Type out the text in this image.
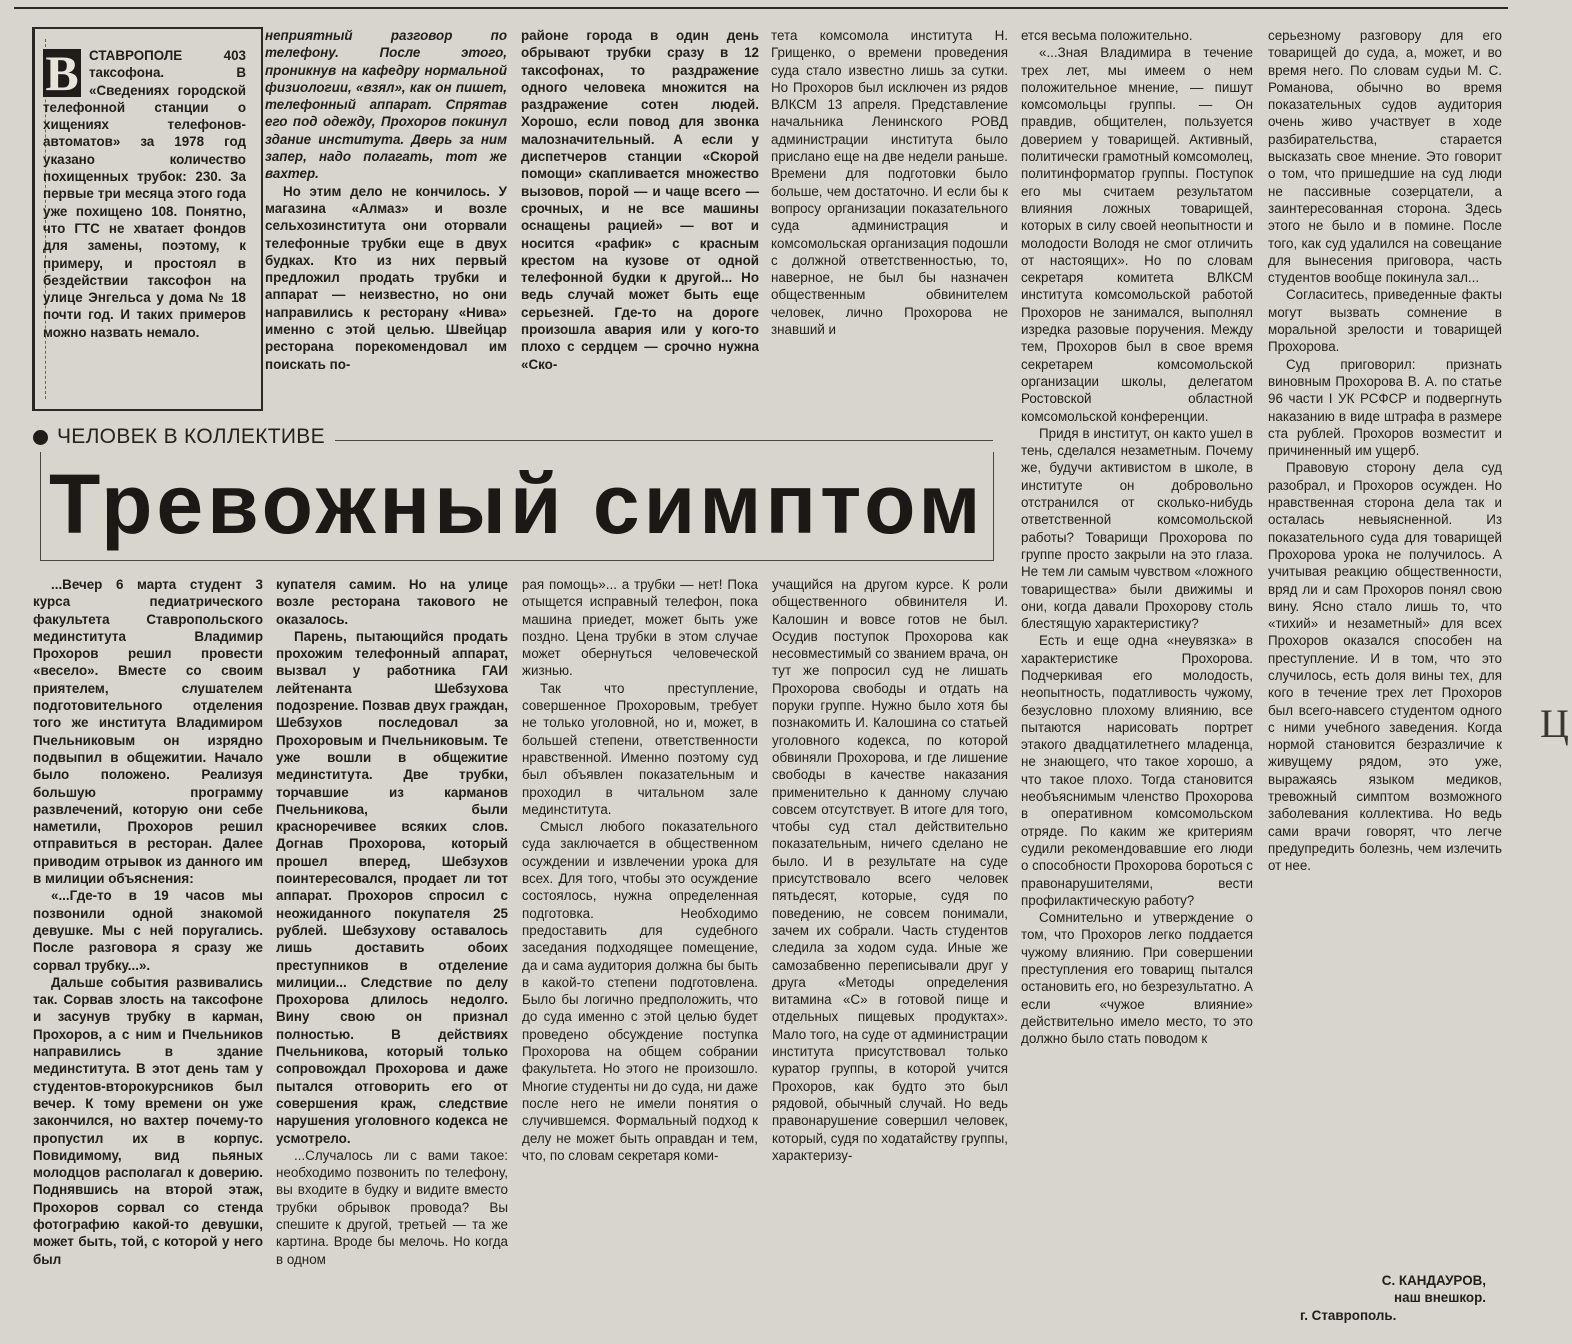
В СТАВРОПОЛЕ 403 таксофона. В «Сведениях городской телефонной станции о хищениях телефонов-автоматов» за 1978 год указано количество похищенных трубок: 230. За первые три месяца этого года уже похищено 108. Понятно, что ГТС не хватает фондов для замены, поэтому, к примеру, и простоял в бездействии таксофон на улице Энгельса у дома № 18 почти год. И таких примеров можно назвать немало.

неприятный разговор по телефону. После этого, проникнув на кафедру нормальной физиологии, «взял», как он пишет, телефонный аппарат. Спрятав его под одежду, Прохоров покинул здание института. Дверь за ним запер, надо полагать, тот же вахтер.

Но этим дело не кончилось. У магазина «Алмаз» и возле сельхозинститута они оторвали телефонные трубки еще в двух будках. Кто из них первый предложил продать трубки и аппарат — неизвестно, но они направились к ресторану «Нива» именно с этой целью. Швейцар ресторана порекомендовал им поискать по-

районе города в один день обрывают трубки сразу в 12 таксофонах, то раздражение одного человека множится на раздражение сотен людей. Хорошо, если повод для звонка малозначительный. А если у диспетчеров станции «Скорой помощи» скапливается множество вызовов, порой — и чаще всего — срочных, и не все машины оснащены рацией» — вот и носится «рафик» с красным крестом на кузове от одной телефонной будки к другой... Но ведь случай может быть еще серьезней. Где-то на дороге произошла авария или у кого-то плохо с сердцем — срочно нужна «Ско-

тета комсомола института Н. Грищенко, о времени проведения суда стало известно лишь за сутки. Но Прохоров был исключен из рядов ВЛКСМ 13 апреля. Представление начальника Ленинского РОВД администрации института было прислано еще на две недели раньше. Времени для подготовки было больше, чем достаточно. И если бы к вопросу организации показательного суда администрация и комсомольская организация подошли с должной ответственностью, то, наверное, не был бы назначен общественным обвинителем человек, лично Прохорова не знавший и

ЧЕЛОВЕК В КОЛЛЕКТИВЕ
Тревожный симптом

...Вечер 6 марта студент 3 курса педиатрического факультета Ставропольского мединститута Владимир Прохоров решил провести «весело». Вместе со своим приятелем, слушателем подготовительного отделения того же института Владимиром Пчельниковым он изрядно подвыпил в общежитии. Начало было положено. Реализуя большую программу развлечений, которую они себе наметили, Прохоров решил отправиться в ресторан. Далее приводим отрывок из данного им в милиции объяснения:

«...Где-то в 19 часов мы позвонили одной знакомой девушке. Мы с ней поругались. После разговора я сразу же сорвал трубку...».

Дальше события развивались так. Сорвав злость на таксофоне и засунув трубку в карман, Прохоров, а с ним и Пчельников направились в здание мединститута. В этот день там у студентов-второкурсников был вечер. К тому времени он уже закончился, но вахтер почему-то пропустил их в корпус. Повидимому, вид пьяных молодцов располагал к доверию. Поднявшись на второй этаж, Прохоров сорвал со стенда фотографию какой-то девушки, может быть, той, с которой у него был

купателя самим. Но на улице возле ресторана такового не оказалось.

Парень, пытающийся продать прохожим телефонный аппарат, вызвал у работника ГАИ лейтенанта Шебзухова подозрение. Позвав двух граждан, Шебзухов последовал за Прохоровым и Пчельниковым. Те уже вошли в общежитие мединститута. Две трубки, торчавшие из карманов Пчельникова, были красноречивее всяких слов. Догнав Прохорова, который прошел вперед, Шебзухов поинтересовался, продает ли тот аппарат. Прохоров спросил с неожиданного покупателя 25 рублей. Шебзухову оставалось лишь доставить обоих преступников в отделение милиции... Следствие по делу Прохорова длилось недолго. Вину свою он признал полностью. В действиях Пчельникова, который только сопровождал Прохорова и даже пытался отговорить его от совершения краж, следствие нарушения уголовного кодекса не усмотрело.

...Случалось ли с вами такое: необходимо позвонить по телефону, вы входите в будку и видите вместо трубки обрывок провода? Вы спешите к другой, третьей — та же картина. Вроде бы мелочь. Но когда в одном

рая помощь»... а трубки — нет! Пока отыщется исправный телефон, пока машина приедет, может быть уже поздно. Цена трубки в этом случае может обернуться человеческой жизнью.

Так что преступление, совершенное Прохоровым, требует не только уголовной, но и, может, в большей степени, ответственности нравственной. Именно поэтому суд был объявлен показательным и проходил в читальном зале мединститута.

Смысл любого показательного суда заключается в общественном осуждении и извлечении урока для всех. Для того, чтобы это осуждение состоялось, нужна определенная подготовка. Необходимо предоставить для судебного заседания подходящее помещение, да и сама аудитория должна бы быть в какой-то степени подготовлена. Было бы логично предположить, что до суда именно с этой целью будет проведено обсуждение поступка Прохорова на общем собрании факультета. Но этого не произошло. Многие студенты ни до суда, ни даже после него не имели понятия о случившемся. Формальный подход к делу не может быть оправдан и тем, что, по словам секретаря коми-

учащийся на другом курсе. К роли общественного обвинителя И. Калошин и вовсе готов не был. Осудив поступок Прохорова как несовместимый со званием врача, он тут же попросил суд не лишать Прохорова свободы и отдать на поруки группе. Нужно было хотя бы познакомить И. Калошина со статьей уголовного кодекса, по которой обвиняли Прохорова, и где лишение свободы в качестве наказания применительно к данному случаю совсем отсутствует. В итоге для того, чтобы суд стал действительно показательным, ничего сделано не было. И в результате на суде присутствовало всего человек пятьдесят, которые, судя по поведению, не совсем понимали, зачем их собрали. Часть студентов следила за ходом суда. Иные же самозабвенно переписывали друг у друга «Методы определения витамина «С» в готовой пище и отдельных пищевых продуктах». Мало того, на суде от администрации института присутствовал только куратор группы, в которой учится Прохоров, как будто это был рядовой, обычный случай. Но ведь правонарушение совершил человек, который, судя по ходатайству группы, характеризу-

ется весьма положительно.

«...Зная Владимира в течение трех лет, мы имеем о нем положительное мнение, — пишут комсомольцы группы. — Он правдив, общителен, пользуется доверием у товарищей. Активный, политически грамотный комсомолец, политинформатор группы. Поступок его мы считаем результатом влияния ложных товарищей, которых в силу своей неопытности и молодости Володя не смог отличить от настоящих». Но по словам секретаря комитета ВЛКСМ института комсомольской работой Прохоров не занимался, выполнял изредка разовые поручения. Между тем, Прохоров был в свое время секретарем комсомольской организации школы, делегатом Ростовской областной комсомольской конференции.

Придя в институт, он както ушел в тень, сделался незаметным. Почему же, будучи активистом в школе, в институте он добровольно отстранился от сколько-нибудь ответственной комсомольской работы? Товарищи Прохорова по группе просто закрыли на это глаза. Не тем ли самым чувством «ложного товарищества» были движимы и они, когда давали Прохорову столь блестящую характеристику?

Есть и еще одна «неувязка» в характеристике Прохорова. Подчеркивая его молодость, неопытность, податливость чужому, безусловно плохому влиянию, все пытаются нарисовать портрет этакого двадцатилетнего младенца, не знающего, что такое хорошо, а что такое плохо. Тогда становится необъяснимым членство Прохорова в оперативном комсомольском отряде. По каким же критериям судили рекомендовавшие его люди о способности Прохорова бороться с правонарушителями, вести профилактическую работу?

Сомнительно и утверждение о том, что Прохоров легко поддается чужому влиянию. При совершении преступления его товарищ пытался остановить его, но безрезультатно. А если «чужое влияние» действительно имело место, то это должно было стать поводом к

серьезному разговору для его товарищей до суда, а, может, и во время него. По словам судьи М. С. Романова, обычно во время показательных судов аудитория очень живо участвует в ходе разбирательства, старается высказать свое мнение. Это говорит о том, что пришедшие на суд люди не пассивные созерцатели, а заинтересованная сторона. Здесь этого не было и в помине. После того, как суд удалился на совещание для вынесения приговора, часть студентов вообще покинула зал...

Согласитесь, приведенные факты могут вызвать сомнение в моральной зрелости и товарищей Прохорова.

Суд приговорил: признать виновным Прохорова В. А. по статье 96 части I УК РСФСР и подвергнуть наказанию в виде штрафа в размере ста рублей. Прохоров возместит и причиненный им ущерб.

Правовую сторону дела суд разобрал, и Прохоров осужден. Но нравственная сторона дела так и осталась невыясненной. Из показательного суда для товарищей Прохорова урока не получилось. А учитывая реакцию общественности, вряд ли и сам Прохоров понял свою вину. Ясно стало лишь то, что «тихий» и незаметный» для всех Прохоров оказался способен на преступление. И в том, что это случилось, есть доля вины тех, для кого в течение трех лет Прохоров был всего-навсего студентом одного с ними учебного заведения. Когда нормой становится безразличие к живущему рядом, это уже, выражаясь языком медиков, тревожный симптом возможного заболевания коллектива. Но ведь сами врачи говорят, что легче предупредить болезнь, чем излечить от нее.

С. КАНДАУРОВ,
наш внешкор.
г. Ставрополь.
Ц
